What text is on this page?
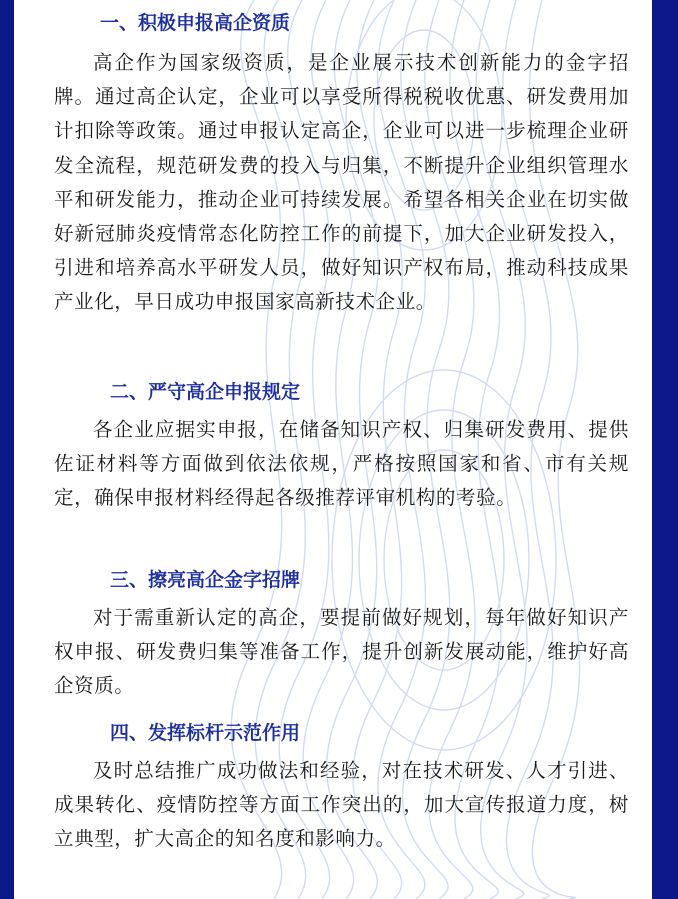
一、积极申报高企资质
高企作为国家级资质，是企业展示技术创新能力的金字招牌。通过高企认定，企业可以享受所得税税收优惠、研发费用加计扣除等政策。通过申报认定高企，企业可以进一步梳理企业研发全流程，规范研发费的投入与归集，不断提升企业组织管理水平和研发能力，推动企业可持续发展。希望各相关企业在切实做好新冠肺炎疫情常态化防控工作的前提下，加大企业研发投入，引进和培养高水平研发人员，做好知识产权布局，推动科技成果产业化，早日成功申报国家高新技术企业。
二、严守高企申报规定
各企业应据实申报，在储备知识产权、归集研发费用、提供佐证材料等方面做到依法依规，严格按照国家和省、市有关规定，确保申报材料经得起各级推荐评审机构的考验。
三、擦亮高企金字招牌
对于需重新认定的高企，要提前做好规划，每年做好知识产权申报、研发费归集等准备工作，提升创新发展动能，维护好高企资质。
四、发挥标杆示范作用
及时总结推广成功做法和经验，对在技术研发、人才引进、成果转化、疫情防控等方面工作突出的，加大宣传报道力度，树立典型，扩大高企的知名度和影响力。
